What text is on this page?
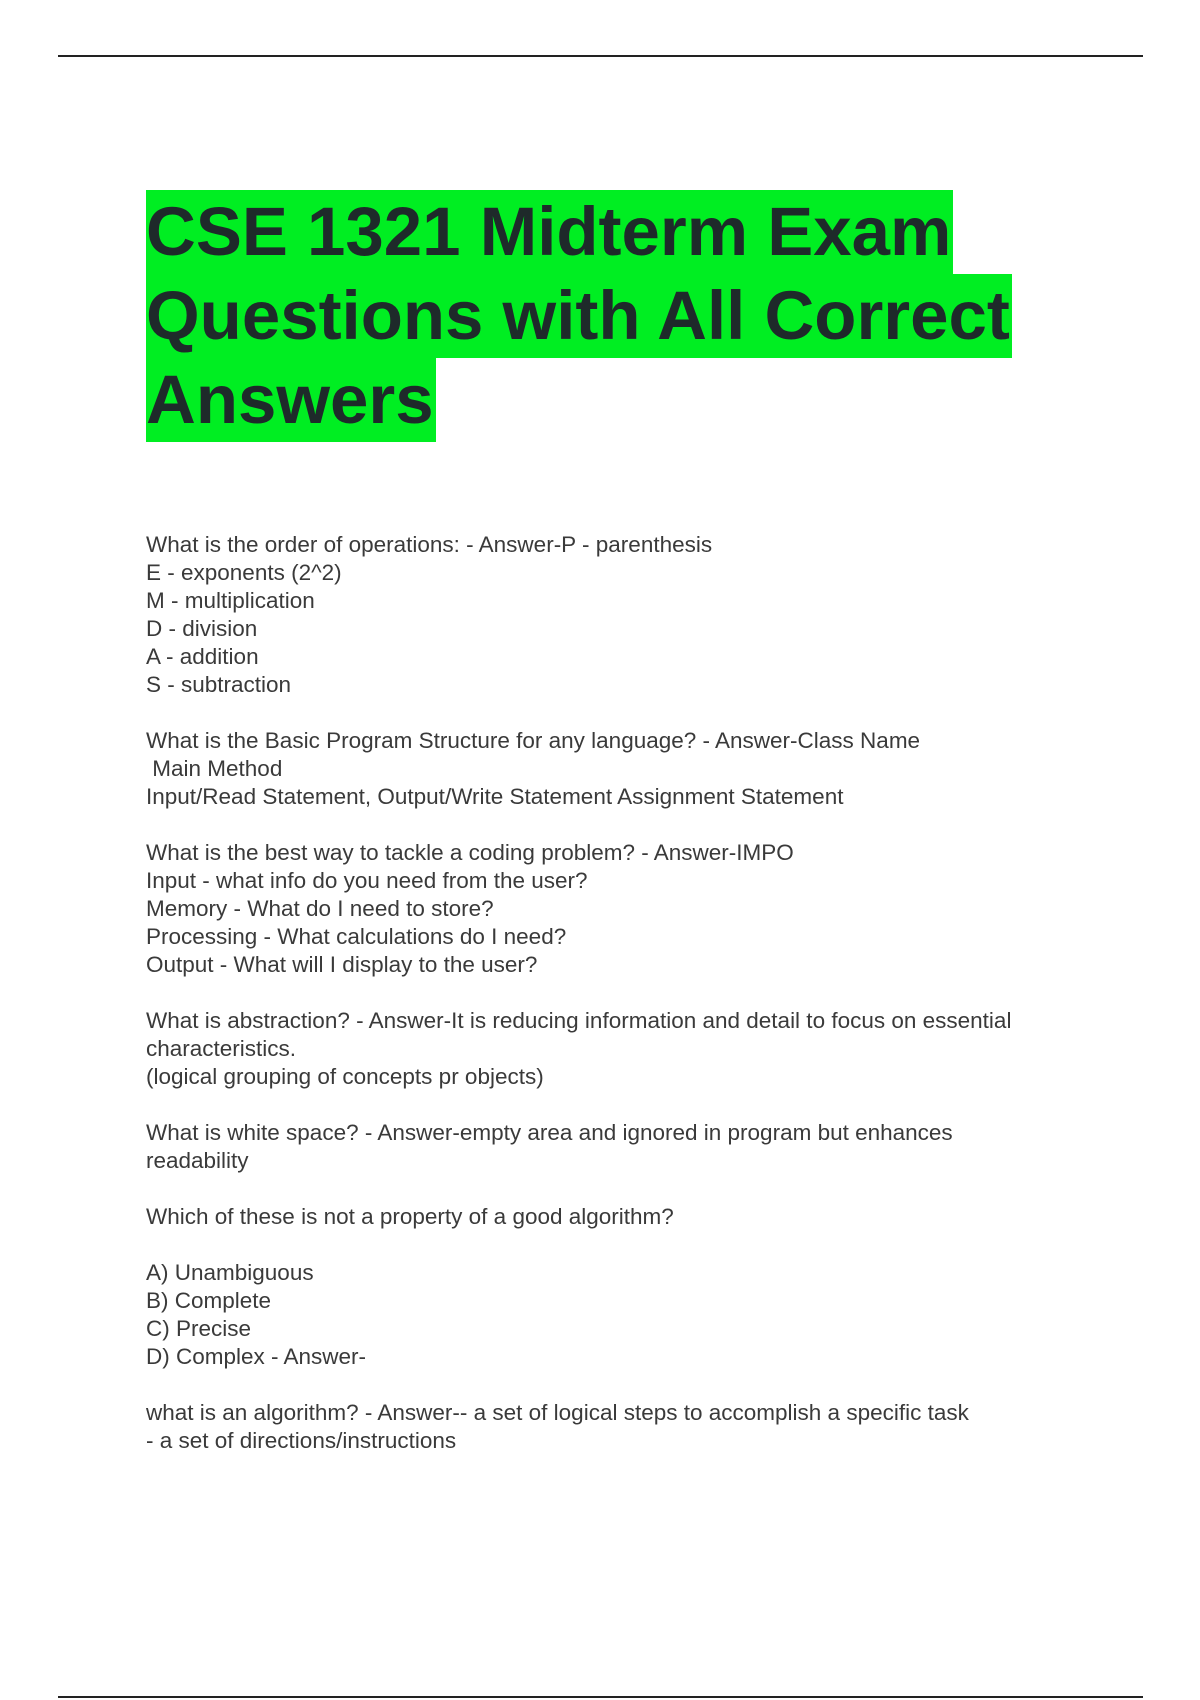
CSE 1321 Midterm Exam
Questions with All Correct
Answers
What is the order of operations: - Answer-P - parenthesis
E - exponents (2^2)
M - multiplication
D - division
A - addition
S - subtraction
What is the Basic Program Structure for any language? - Answer-Class Name
Main Method
Input/Read Statement, Output/Write Statement Assignment Statement
What is the best way to tackle a coding problem? - Answer-IMPO
Input - what info do you need from the user?
Memory - What do I need to store?
Processing - What calculations do I need?
Output - What will I display to the user?
What is abstraction? - Answer-It is reducing information and detail to focus on essential
characteristics.
(logical grouping of concepts pr objects)
What is white space? - Answer-empty area and ignored in program but enhances
readability
Which of these is not a property of a good algorithm?
A) Unambiguous
B) Complete
C) Precise
D) Complex - Answer-
what is an algorithm? - Answer-- a set of logical steps to accomplish a specific task
- a set of directions/instructions
